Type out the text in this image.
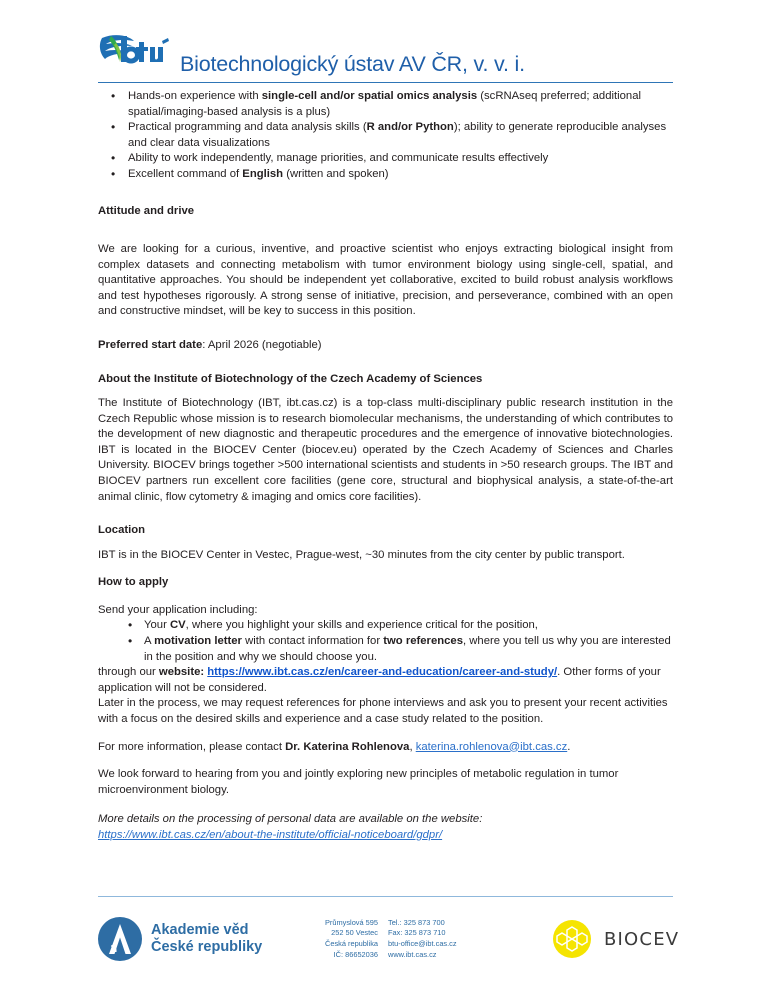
Biotechnologický ústav AV ČR, v. v. i.
• Hands-on experience with single-cell and/or spatial omics analysis (scRNAseq preferred; additional spatial/imaging-based analysis is a plus)
• Practical programming and data analysis skills (R and/or Python); ability to generate reproducible analyses and clear data visualizations
• Ability to work independently, manage priorities, and communicate results effectively
• Excellent command of English (written and spoken)

Attitude and drive

We are looking for a curious, inventive, and proactive scientist who enjoys extracting biological insight from complex datasets and connecting metabolism with tumor environment biology using single-cell, spatial, and quantitative approaches. You should be independent yet collaborative, excited to build robust analysis workflows and test hypotheses rigorously. A strong sense of initiative, precision, and perseverance, combined with an open and constructive mindset, will be key to success in this position.

Preferred start date: April 2026 (negotiable)

About the Institute of Biotechnology of the Czech Academy of Sciences

The Institute of Biotechnology (IBT, ibt.cas.cz) is a top-class multi-disciplinary public research institution in the Czech Republic whose mission is to research biomolecular mechanisms, the understanding of which contributes to the development of new diagnostic and therapeutic procedures and the emergence of innovative biotechnologies. IBT is located in the BIOCEV Center (biocev.eu) operated by the Czech Academy of Sciences and Charles University. BIOCEV brings together >500 international scientists and students in >50 research groups. The IBT and BIOCEV partners run excellent core facilities (gene core, structural and biophysical analysis, a state-of-the-art animal clinic, flow cytometry & imaging and omics core facilities).

Location

IBT is in the BIOCEV Center in Vestec, Prague-west, ~30 minutes from the city center by public transport.

How to apply

Send your application including:

• Your CV, where you highlight your skills and experience critical for the position,
• A motivation letter with contact information for two references, where you tell us why you are interested in the position and why we should choose you.

through our website: https://www.ibt.cas.cz/en/career-and-education/career-and-study/. Other forms of your application will not be considered.

Later in the process, we may request references for phone interviews and ask you to present your recent activities with a focus on the desired skills and experience and a case study related to the position.

For more information, please contact Dr. Katerina Rohlenova, katerina.rohlenova@ibt.cas.cz.

We look forward to hearing from you and jointly exploring new principles of metabolic regulation in tumor microenvironment biology.

More details on the processing of personal data are available on the website:

https://www.ibt.cas.cz/en/about-the-institute/official-noticeboard/gdpr/

Akademie věd
České republiky
Průmyslová 595
252 50 Vestec
Česká republika
IČ: 86652036
Tel.: 325 873 700
Fax: 325 873 710
btu-office@ibt.cas.cz
www.ibt.cas.cz
BIOCEV
